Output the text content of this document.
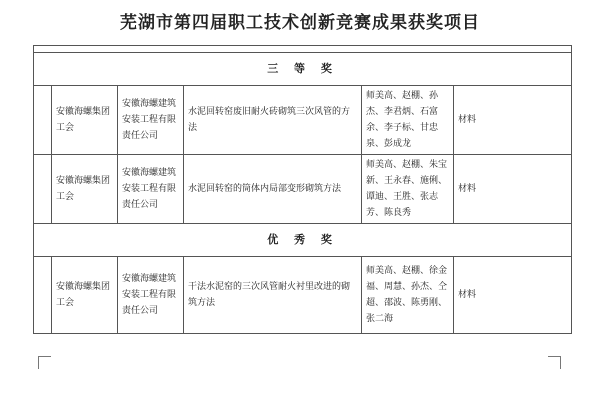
芜湖市第四届职工技术创新竞赛成果获奖项目

三 等 奖					
	安徽海螺集团工会	安徽海螺建筑安装工程有限责任公司	水泥回转窑废旧耐火砖砌筑三次风管的方法	师美高、赵棚、孙杰、李君炳、石富余、李子标、甘忠泉、彭成龙	材料
	安徽海螺集团工会	安徽海螺建筑安装工程有限责任公司	水泥回转窑的筒体内局部变形砌筑方法	师美高、赵棚、朱宝新、王永春、施俐、谭迪、王胜、张志芳、陈良秀	材料
优 秀 奖					
	安徽海螺集团工会	安徽海螺建筑安装工程有限责任公司	干法水泥窑的三次风管耐火衬里改进的砌筑方法	师美高、赵棚、徐金福、周慧、孙杰、仝超、邵波、陈勇刚、张二海	材料
